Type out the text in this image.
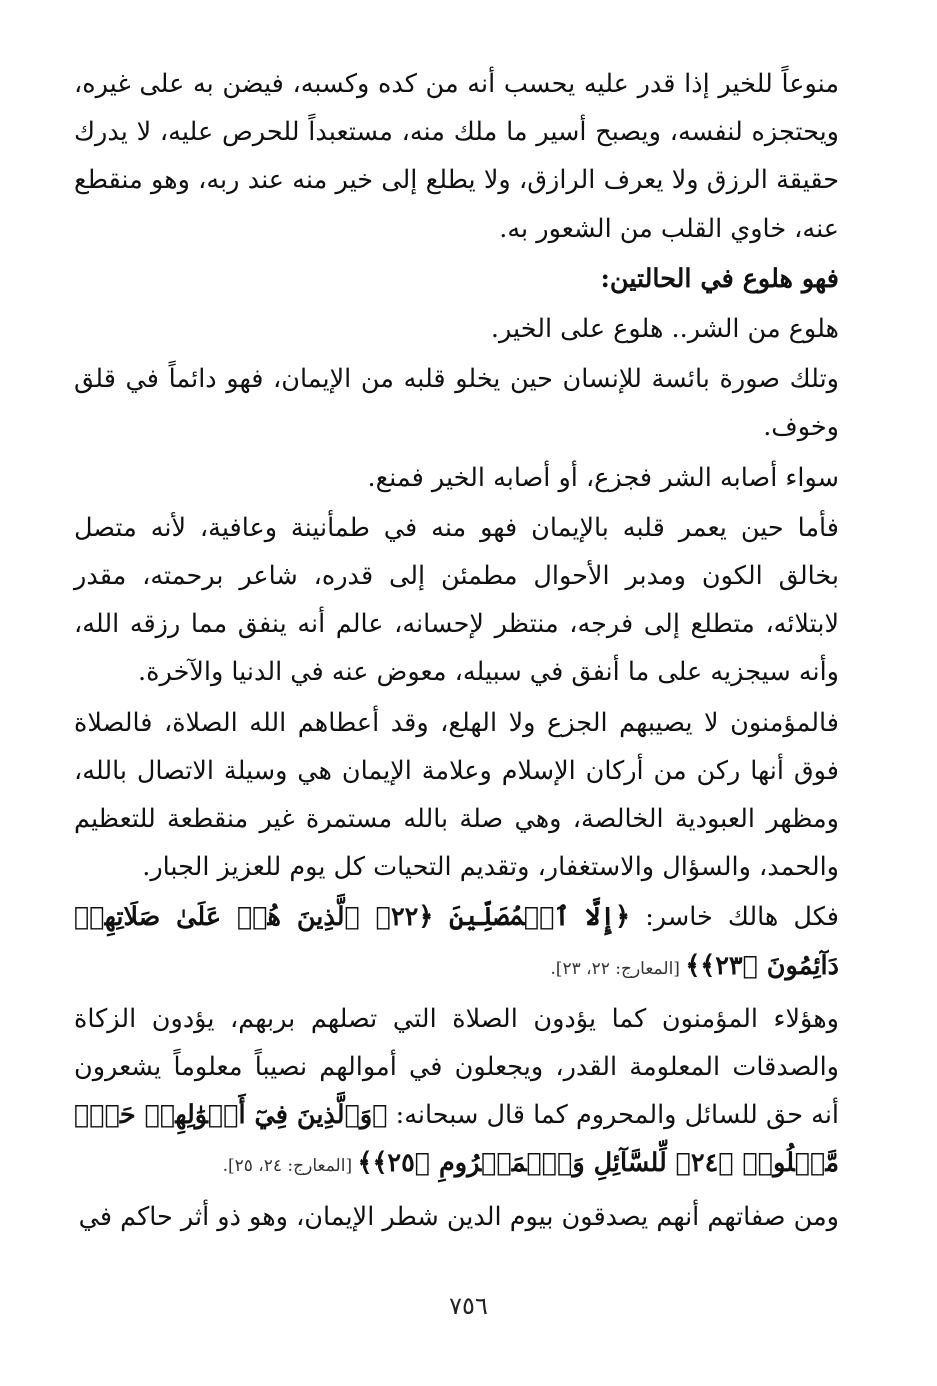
منوعاً للخير إذا قدر عليه يحسب أنه من كده وكسبه، فيضن به على غيره، ويحتجزه لنفسه، ويصبح أسير ما ملك منه، مستعبداً للحرص عليه، لا يدرك حقيقة الرزق ولا يعرف الرازق، ولا يطلع إلى خير منه عند ربه، وهو منقطع عنه، خاوي القلب من الشعور به.

فهو هلوع في الحالتين:

هلوع من الشر.. هلوع على الخير.

وتلك صورة بائسة للإنسان حين يخلو قلبه من الإيمان، فهو دائماً في قلق وخوف.

سواء أصابه الشر فجزع، أو أصابه الخير فمنع.

فأما حين يعمر قلبه بالإيمان فهو منه في طمأنينة وعافية، لأنه متصل بخالق الكون ومدبر الأحوال مطمئن إلى قدره، شاعر برحمته، مقدر لابتلائه، متطلع إلى فرجه، منتظر لإحسانه، عالم أنه ينفق مما رزقه الله، وأنه سيجزيه على ما أنفق في سبيله، معوض عنه في الدنيا والآخرة.

فالمؤمنون لا يصيبهم الجزع ولا الهلع، وقد أعطاهم الله الصلاة، فالصلاة فوق أنها ركن من أركان الإسلام وعلامة الإيمان هي وسيلة الاتصال بالله، ومظهر العبودية الخالصة، وهي صلة بالله مستمرة غير منقطعة للتعظيم والحمد، والسؤال والاستغفار، وتقديم التحيات كل يوم للعزيز الجبار.

فكل هالك خاسر: ﴿إِلَّا ٱلۡمُصَلِّينَ ﴿٢٢﴾ ٱلَّذِينَ هُمۡ عَلَىٰ صَلَاتِهِمۡ دَآئِمُونَ ﴿٢٣﴾﴾ [المعارج: ٢٢، ٢٣].

وهؤلاء المؤمنون كما يؤدون الصلاة التي تصلهم بربهم، يؤدون الزكاة والصدقات المعلومة القدر، ويجعلون في أموالهم نصيباً معلوماً يشعرون أنه حق للسائل والمحروم كما قال سبحانه: ﴿وَٱلَّذِينَ فِيٓ أَمۡوَٰلِهِمۡ حَقّٞ مَّعۡلُومٞ ﴿٢٤﴾ لِّلسَّآئِلِ وَٱلۡمَحۡرُومِ ﴿٢٥﴾﴾ [المعارج: ٢٤، ٢٥].

ومن صفاتهم أنهم يصدقون بيوم الدين شطر الإيمان، وهو ذو أثر حاكم في

٧٥٦
